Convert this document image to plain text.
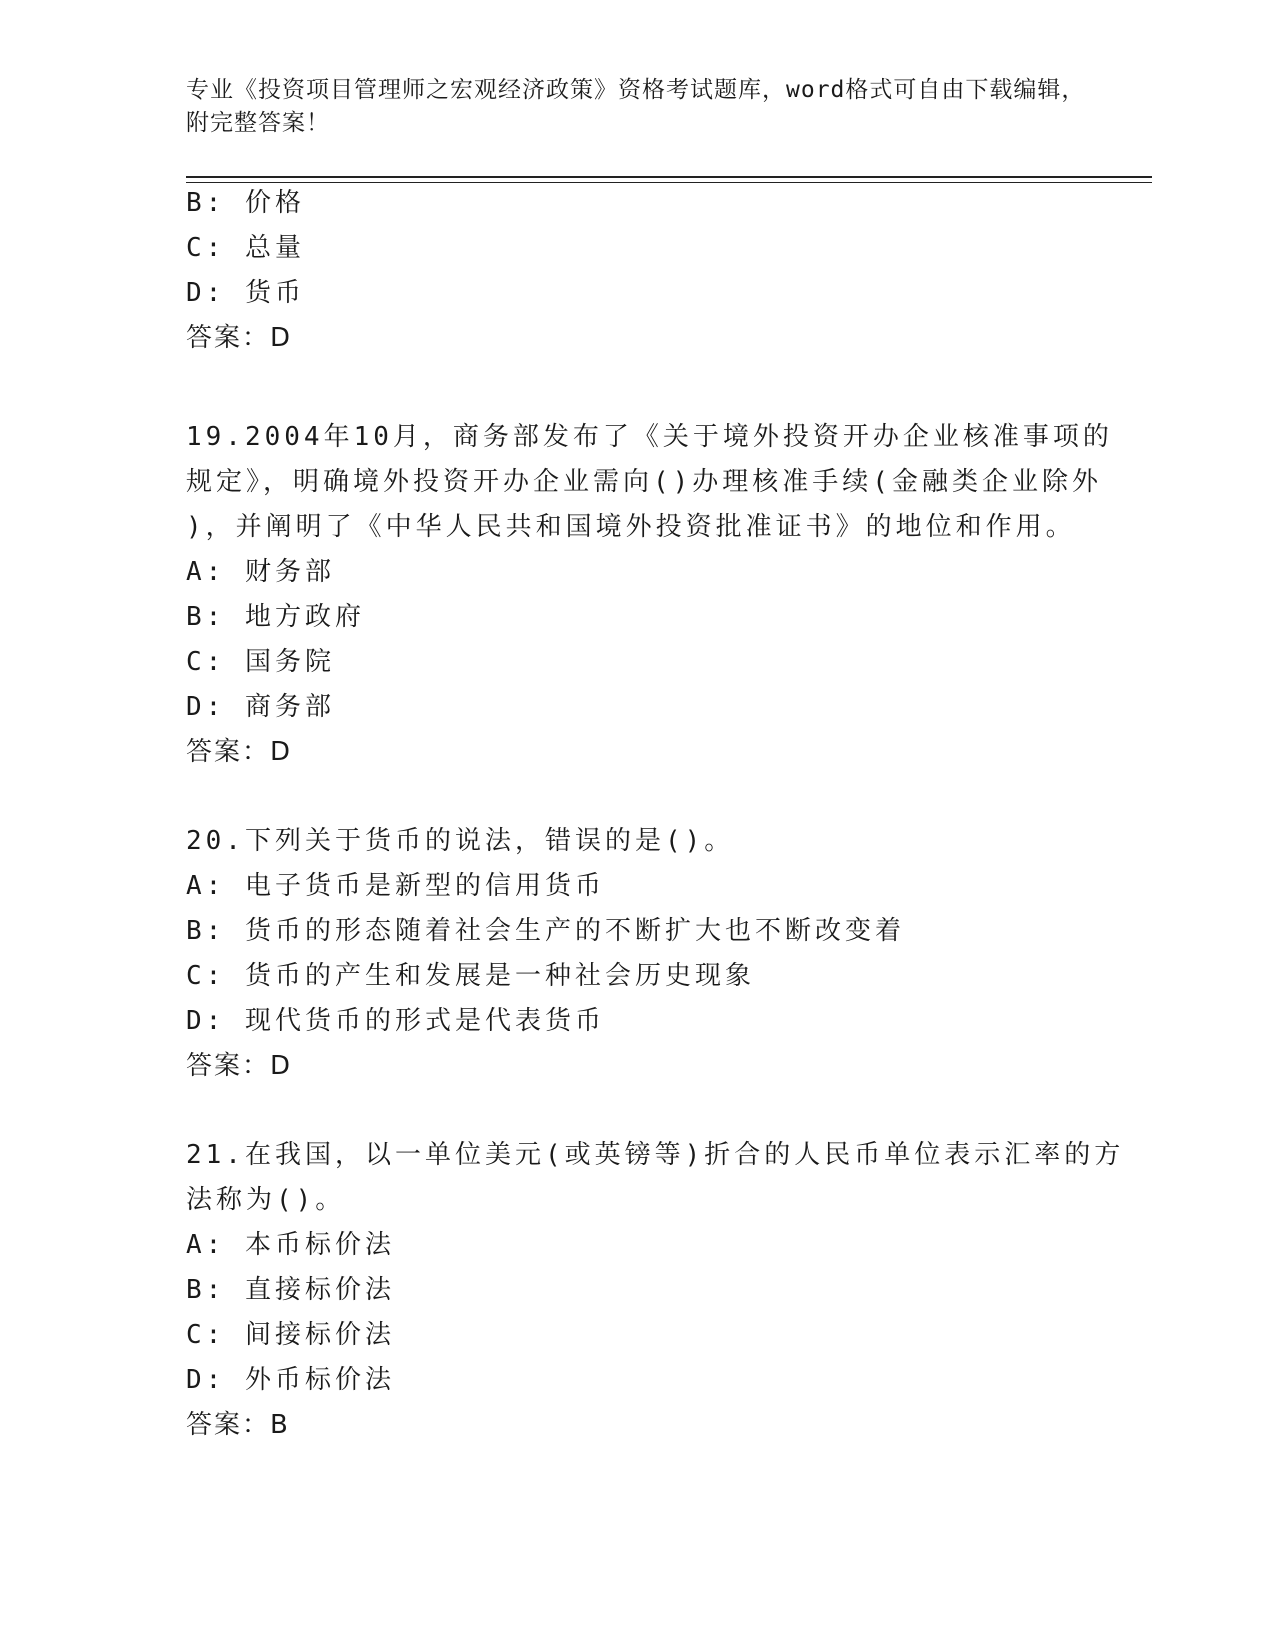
专业《投资项目管理师之宏观经济政策》资格考试题库，word格式可自由下载编辑，附完整答案！
B: 价格
C: 总量
D: 货币
答案：D
19.2004年10月，商务部发布了《关于境外投资开办企业核准事项的
规定》，明确境外投资开办企业需向()办理核准手续(金融类企业除外
)，并阐明了《中华人民共和国境外投资批准证书》的地位和作用。
A: 财务部
B: 地方政府
C: 国务院
D: 商务部
答案：D
20.下列关于货币的说法，错误的是()。
A: 电子货币是新型的信用货币
B: 货币的形态随着社会生产的不断扩大也不断改变着
C: 货币的产生和发展是一种社会历史现象
D: 现代货币的形式是代表货币
答案：D
21.在我国，以一单位美元(或英镑等)折合的人民币单位表示汇率的方
法称为()。
A: 本币标价法
B: 直接标价法
C: 间接标价法
D: 外币标价法
答案：B
